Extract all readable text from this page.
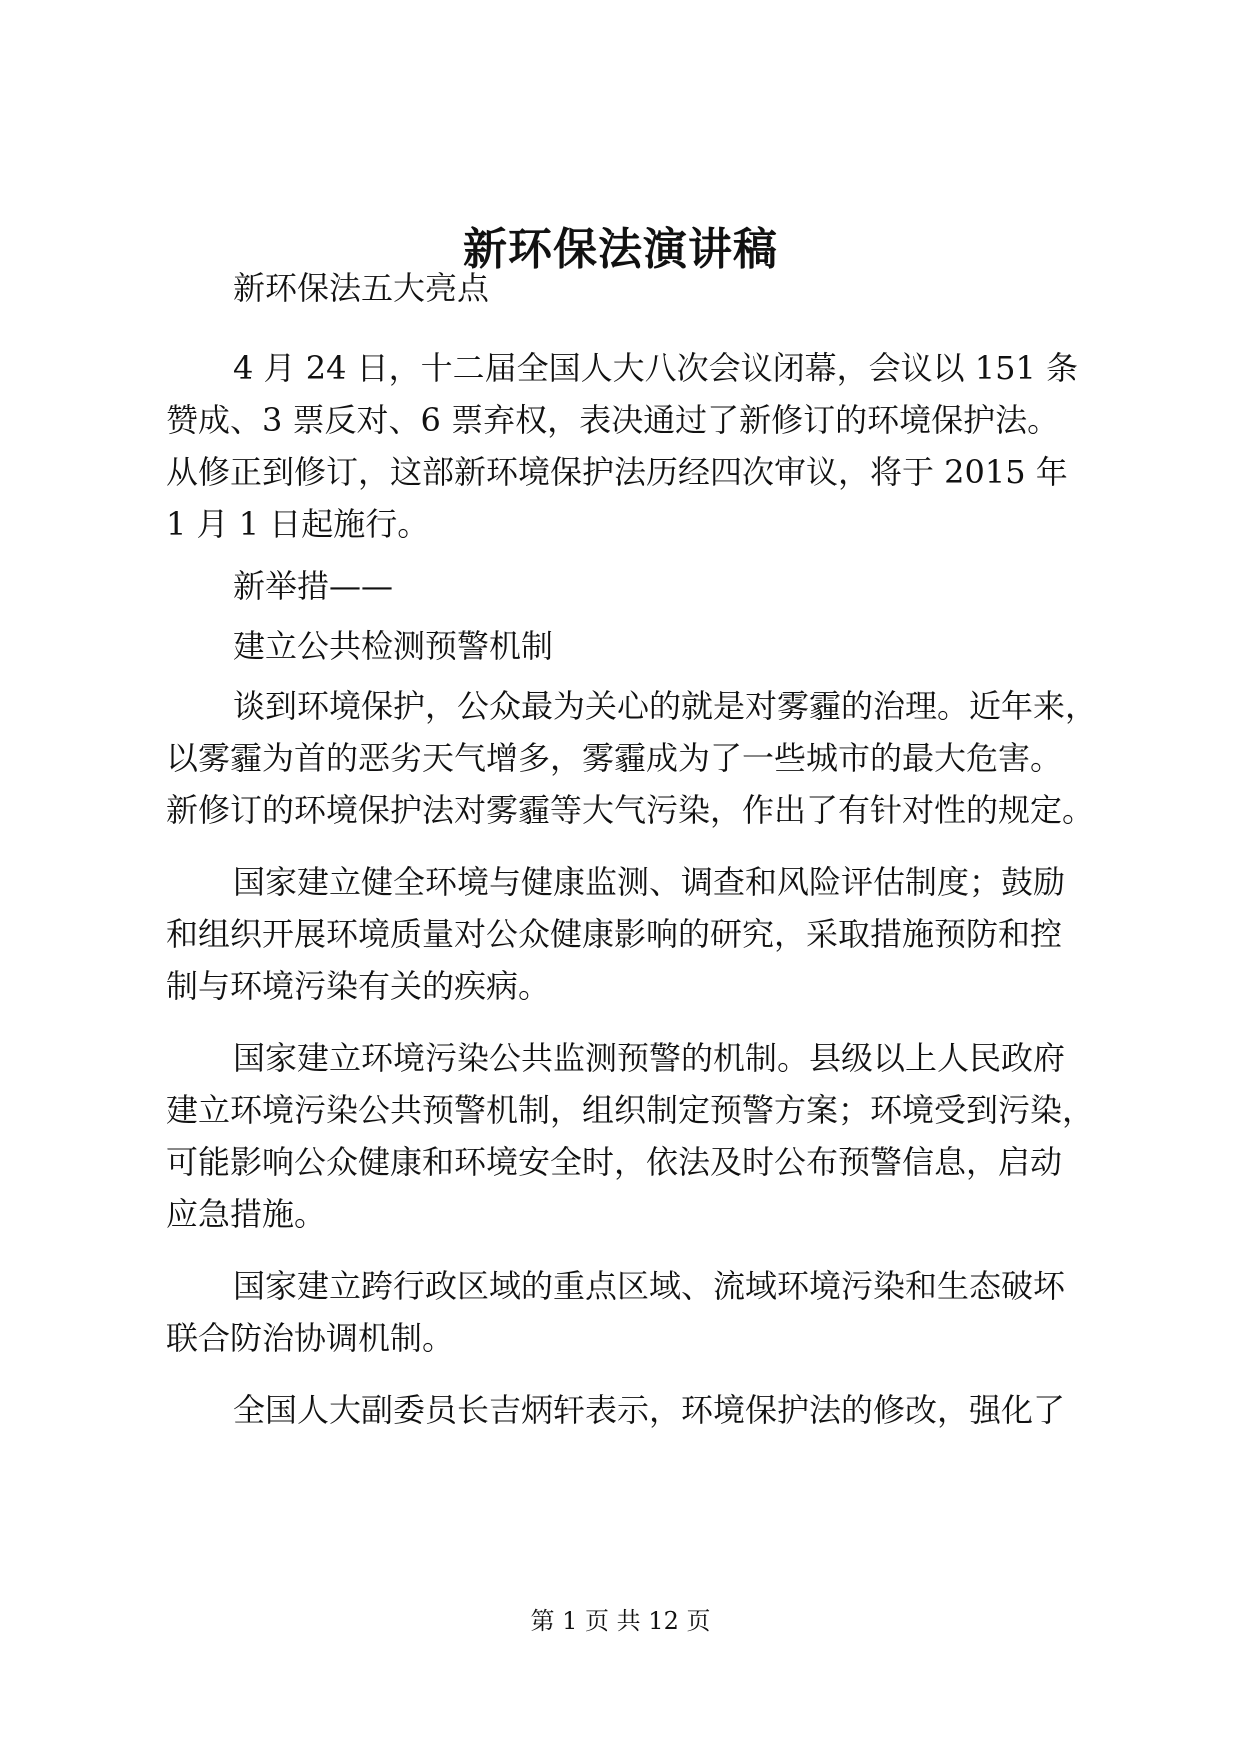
新环保法演讲稿
新环保法五大亮点
4 月 24 日，十二届全国人大八次会议闭幕，会议以 151 条
赞成、3 票反对、6 票弃权，表决通过了新修订的环境保护法。
从修正到修订，这部新环境保护法历经四次审议，将于 2015 年
1 月 1 日起施行。
新举措——
建立公共检测预警机制
谈到环境保护，公众最为关心的就是对雾霾的治理。近年来，
以雾霾为首的恶劣天气增多，雾霾成为了一些城市的最大危害。
新修订的环境保护法对雾霾等大气污染，作出了有针对性的规定。
国家建立健全环境与健康监测、调查和风险评估制度；鼓励
和组织开展环境质量对公众健康影响的研究，采取措施预防和控
制与环境污染有关的疾病。
国家建立环境污染公共监测预警的机制。县级以上人民政府
建立环境污染公共预警机制，组织制定预警方案；环境受到污染，
可能影响公众健康和环境安全时，依法及时公布预警信息，启动
应急措施。
国家建立跨行政区域的重点区域、流域环境污染和生态破坏
联合防治协调机制。
全国人大副委员长吉炳轩表示，环境保护法的修改，强化了
第 1 页 共 12 页
